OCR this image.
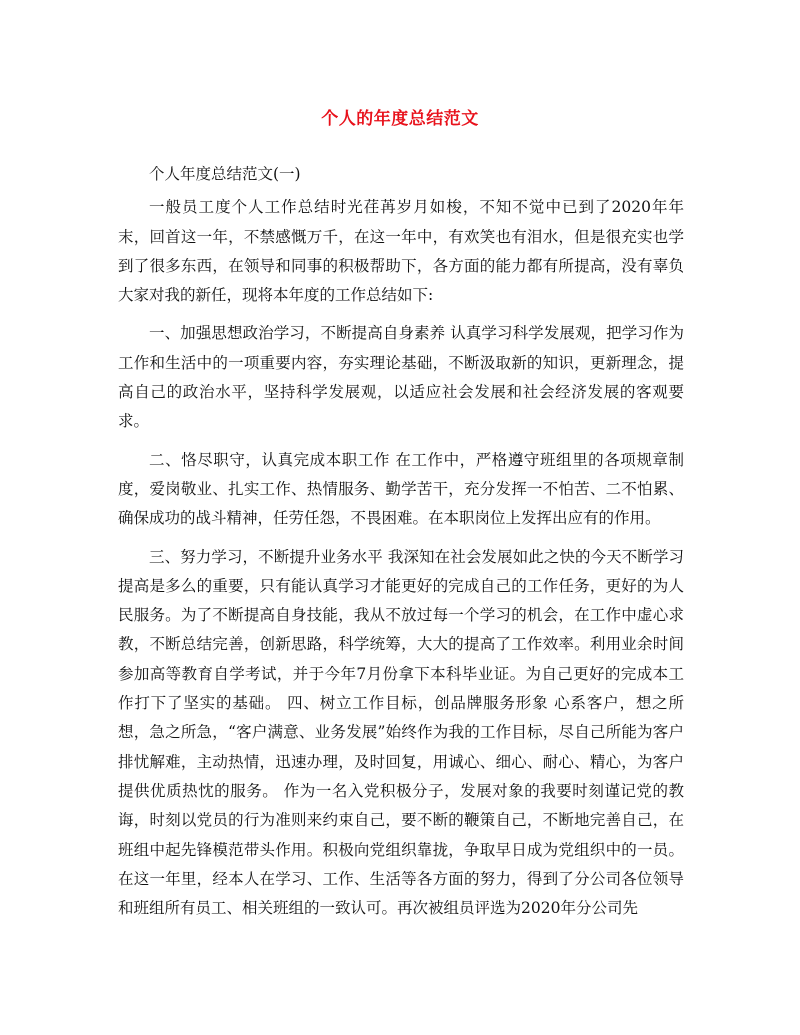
个人的年度总结范文

个人年度总结范文(一)

一般员工度个人工作总结时光荏苒岁月如梭，不知不觉中已到了2020年年末，回首这一年，不禁感慨万千，在这一年中，有欢笑也有泪水，但是很充实也学到了很多东西，在领导和同事的积极帮助下，各方面的能力都有所提高，没有辜负大家对我的新任，现将本年度的工作总结如下:

一、加强思想政治学习，不断提高自身素养 认真学习科学发展观，把学习作为工作和生活中的一项重要内容，夯实理论基础，不断汲取新的知识，更新理念，提高自己的政治水平，坚持科学发展观，以适应社会发展和社会经济发展的客观要求。

二、恪尽职守，认真完成本职工作 在工作中，严格遵守班组里的各项规章制度，爱岗敬业、扎实工作、热情服务、勤学苦干，充分发挥一不怕苦、二不怕累、确保成功的战斗精神，任劳任怨，不畏困难。在本职岗位上发挥出应有的作用。

三、努力学习，不断提升业务水平 我深知在社会发展如此之快的今天不断学习提高是多么的重要，只有能认真学习才能更好的完成自己的工作任务，更好的为人民服务。为了不断提高自身技能，我从不放过每一个学习的机会，在工作中虚心求教，不断总结完善，创新思路，科学统筹，大大的提高了工作效率。利用业余时间参加高等教育自学考试，并于今年7月份拿下本科毕业证。为自己更好的完成本工作打下了坚实的基础。 四、树立工作目标，创品牌服务形象 心系客户，想之所想，急之所急，“客户满意、业务发展”始终作为我的工作目标，尽自己所能为客户排忧解难，主动热情，迅速办理，及时回复，用诚心、细心、耐心、精心，为客户提供优质热忱的服务。 作为一名入党积极分子，发展对象的我要时刻谨记党的教诲，时刻以党员的行为准则来约束自己，要不断的鞭策自己，不断地完善自己，在班组中起先锋模范带头作用。积极向党组织靠拢，争取早日成为党组织中的一员。 在这一年里，经本人在学习、工作、生活等各方面的努力，得到了分公司各位领导和班组所有员工、相关班组的一致认可。再次被组员评选为2020年分公司先
